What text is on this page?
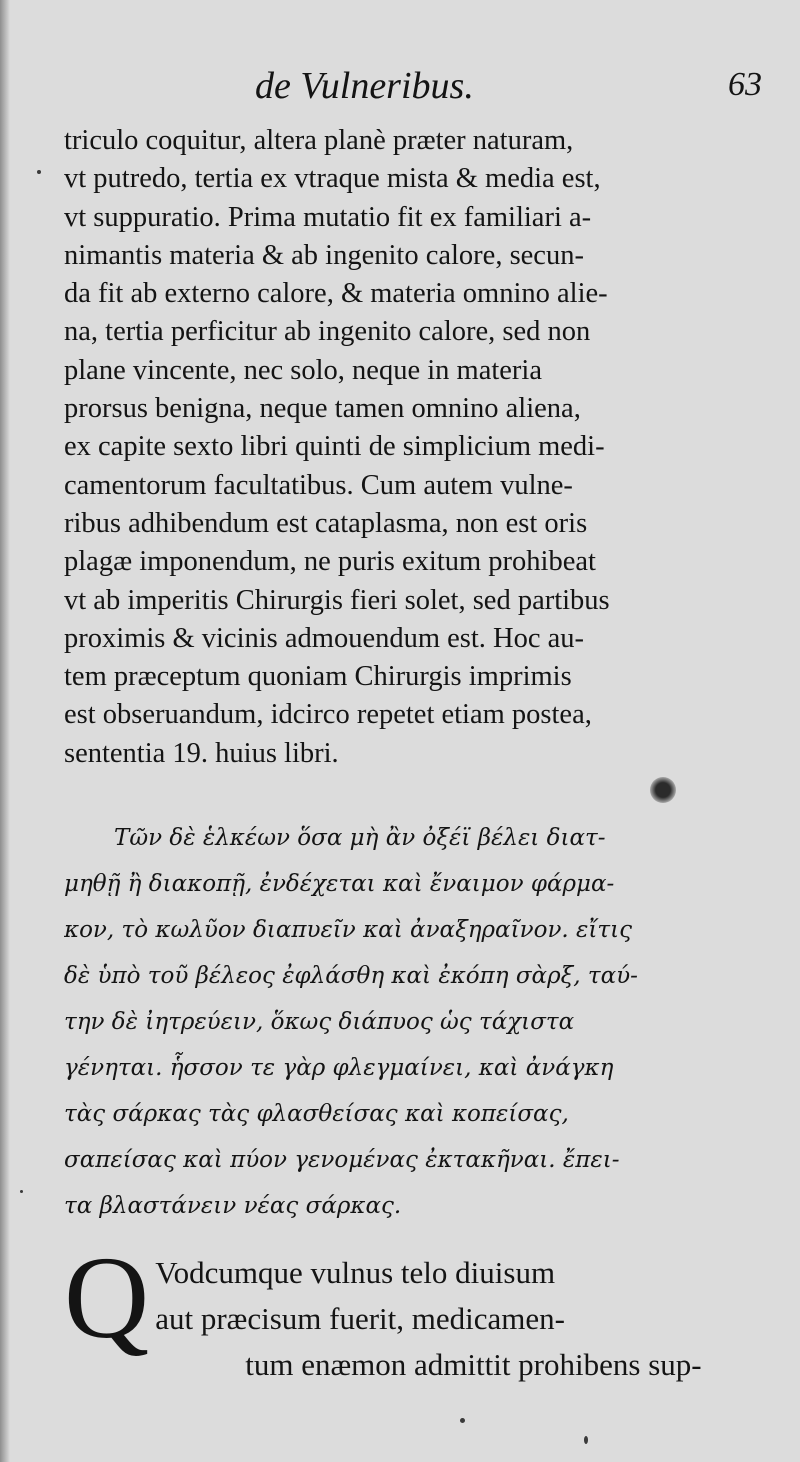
de Vulneribus.	63
triculo coquitur, altera planè præter naturam,
vt putredo, tertia ex vtraque mista & media est,
vt suppuratio. Prima mutatio fit ex familiari a-
nimantis materia & ab ingenito calore, secun-
da fit ab externo calore, & materia omnino alie-
na, tertia perficitur ab ingenito calore, sed non
plane vincente, nec solo, neque in materia
prorsus benigna, neque tamen omnino aliena,
ex capite sexto libri quinti de simplicium medi-
camentorum facultatibus. Cum autem vulne-
ribus adhibendum est cataplasma, non est oris
plagæ imponendum, ne puris exitum prohibeat
vt ab imperitis Chirurgis fieri solet, sed partibus
proximis & vicinis admouendum est. Hoc au-
tem præceptum quoniam Chirurgis imprimis
est obseruandum, idcirco repetet etiam postea,
sententia 19. huius libri.
Τῶν δὲ ἑλκέων ὅσα μὴ ἂν ὀξέϊ βέλει διατ-
μηθῇ ἢ διακοπῇ, ἐνδέχεται καὶ ἔναιμον φάρμα-
κον, τὸ κωλῦον διαπυεῖν καὶ ἀναξηραῖνον. εἴτις
δὲ ὑπὸ τοῦ βέλεος ἐφλάσθη καὶ ἐκόπη σὰρξ, ταύ-
την δὲ ἰητρεύειν, ὅκως διάπυος ὡς τάχιστα
γένηται. ἧσσον τε γὰρ φλεγμαίνει, καὶ ἀνάγκη
τὰς σάρκας τὰς φλασθείσας καὶ κοπείσας,
σαπείσας καὶ πύον γενομένας ἐκτακῆναι. ἔπει-
τα βλαστάνειν νέας σάρκας.
Q Vodcumque vulnus telo diuisum
aut præcisum fuerit, medicamen-
tum enæmon admittit prohibens sup-
